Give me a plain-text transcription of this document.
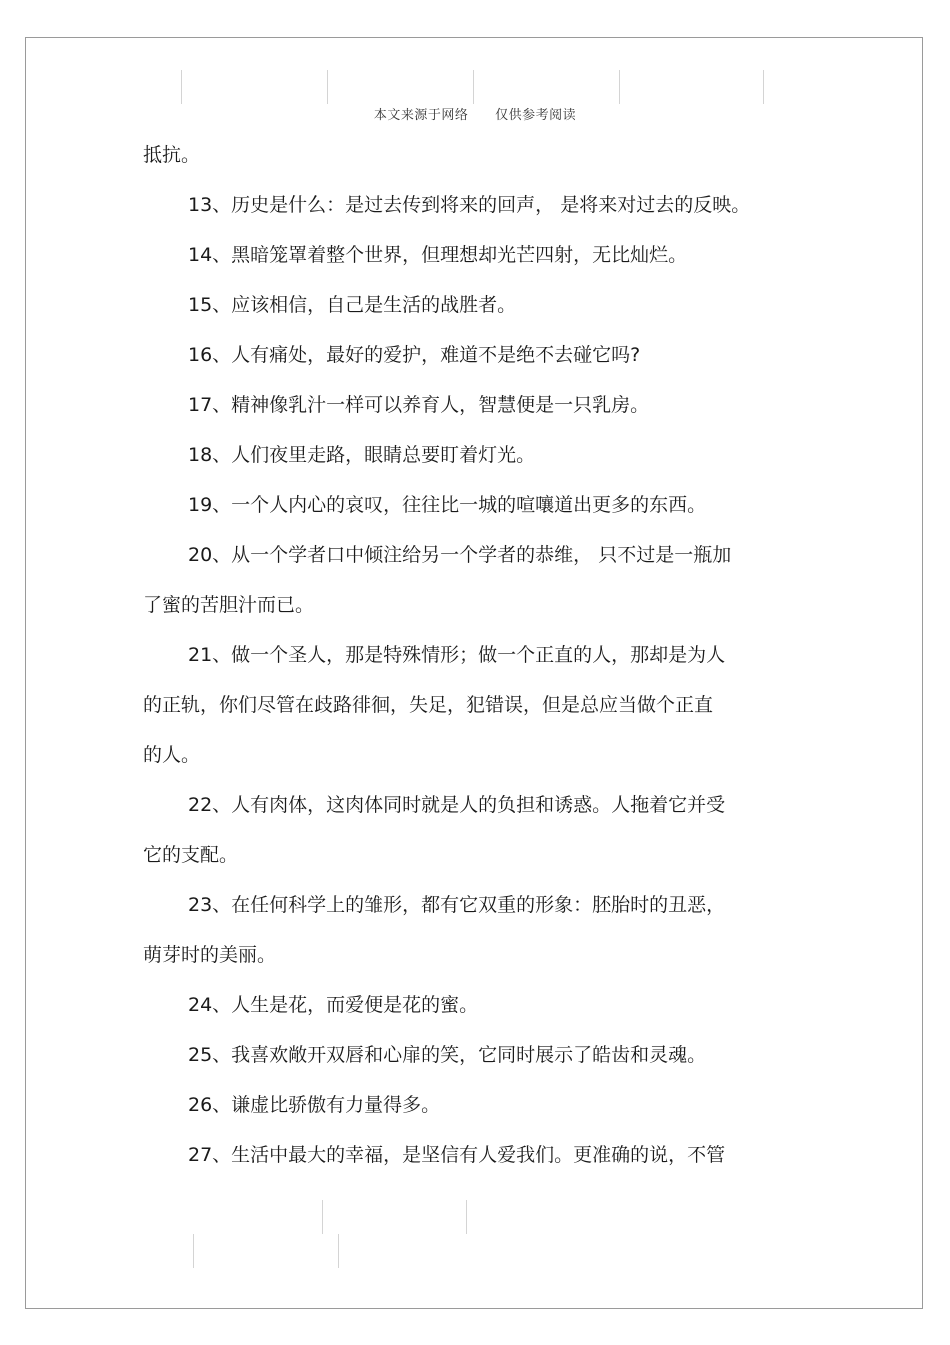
本文来源于网络 仅供参考阅读
抵抗。
13、历史是什么：是过去传到将来的回声， 是将来对过去的反映。
14、黑暗笼罩着整个世界，但理想却光芒四射，无比灿烂。
15、应该相信，自己是生活的战胜者。
16、人有痛处，最好的爱护，难道不是绝不去碰它吗?
17、精神像乳汁一样可以养育人，智慧便是一只乳房。
18、人们夜里走路，眼睛总要盯着灯光。
19、一个人内心的哀叹，往往比一城的喧嚷道出更多的东西。
20、从一个学者口中倾注给另一个学者的恭维， 只不过是一瓶加
了蜜的苦胆汁而已。
21、做一个圣人，那是特殊情形；做一个正直的人，那却是为人
的正轨，你们尽管在歧路徘徊，失足，犯错误，但是总应当做个正直
的人。
22、人有肉体，这肉体同时就是人的负担和诱惑。人拖着它并受
它的支配。
23、在任何科学上的雏形，都有它双重的形象：胚胎时的丑恶，
萌芽时的美丽。
24、人生是花，而爱便是花的蜜。
25、我喜欢敞开双唇和心扉的笑，它同时展示了皓齿和灵魂。
26、谦虚比骄傲有力量得多。
27、生活中最大的幸福，是坚信有人爱我们。更准确的说，不管
